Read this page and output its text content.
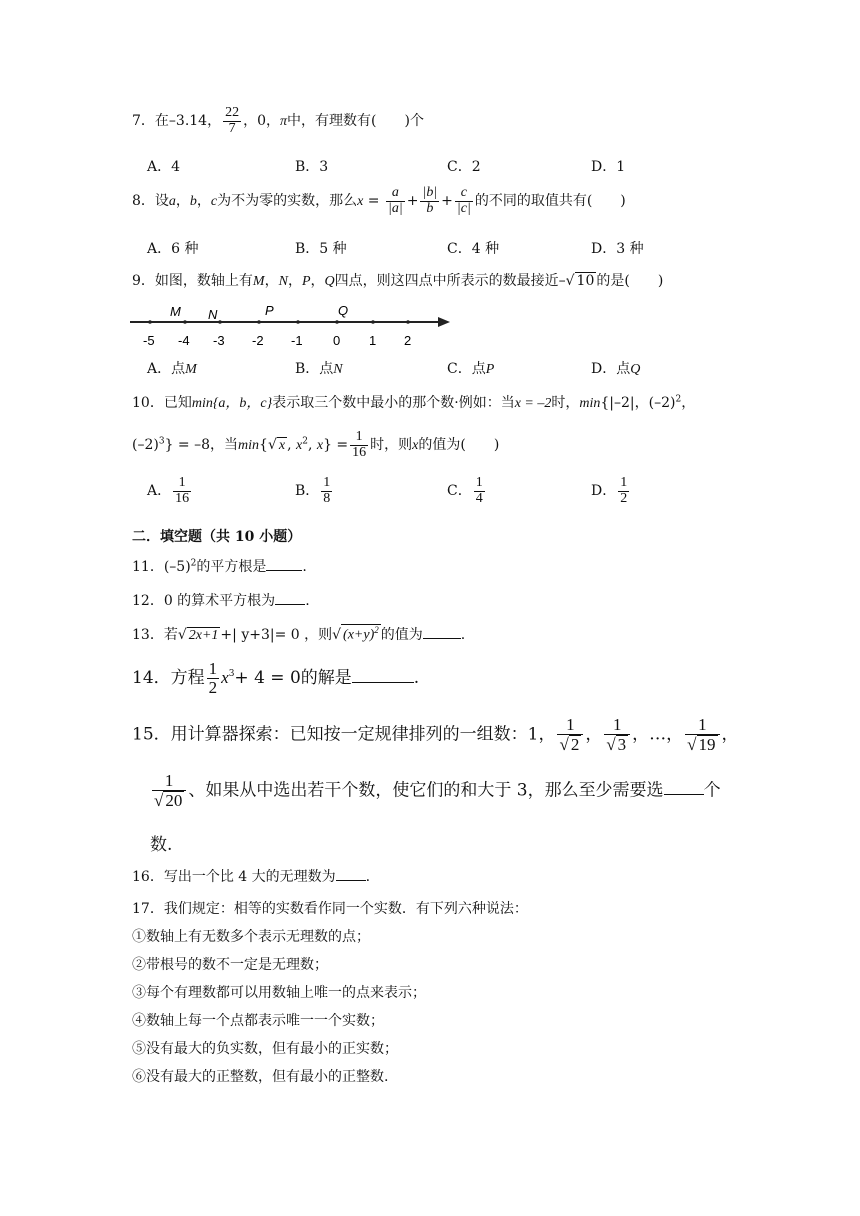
7．在–3.14， $\frac{22}{7}$ ，0，π中，有理数有(　　)个
A．4	B．3	C．2	D．1
8．设a，b，c为不为零的实数，那么$x = \frac{a}{|a|} + \frac{|b|}{b} + \frac{c}{|c|}$ 的不同的取值共有(　　)
A．6 种	B．5 种	C．4 种	D．3 种
9．如图，数轴上有M，N，P，Q四点，则这四点中所表示的数最接近–√ 10 的是(　　)
M N	P	Q
-5 -4 -3 -2 -1 0 1 2
A．点M	B．点N	C．点P	D．点Q
10．已知min{a，b，c}表示取三个数中最小的那个数·例如：当x = –2时，min{|–2|，$(-2)^2$，
$(-2)^3\} = -8$，当min{√ x , $x^2$, $x\} = \frac{1}{16}$ 时，则x的值为(　　)
A． $\frac{1}{16}$	B． $\frac{1}{8}$	C． $\frac{1}{4}$	D． $\frac{1}{2}$
二．填空题（共 10 小题）
11．$(-5)^2$的平方根是	.
12．0 的算术平方根为 .
13．若√ 2x+1 +| y+3|= 0 ，则√ $(x+y)^2$ 的值为	.
14．方程 $\frac{1}{2} x^3+ 4 = 0$的解是	.
15．用计算器探索：已知按一定规律排列的一组数：1， $\frac{1}{√ 2}$ ， $\frac{1}{√ 3}$ ，…， $\frac{1}{√ 19}$ ，
$\frac{1}{√ 20}$ 、如果从中选出若干个数，使它们的和大于 3，那么至少需要选 个
数.
16．写出一个比 4 大的无理数为 .
17．我们规定：相等的实数看作同一个实数．有下列六种说法：
①数轴上有无数多个表示无理数的点；
②带根号的数不一定是无理数；
③每个有理数都可以用数轴上唯一的点来表示；
④数轴上每一个点都表示唯一一个实数；
⑤没有最大的负实数，但有最小的正实数；
⑥没有最大的正整数，但有最小的正整数.
